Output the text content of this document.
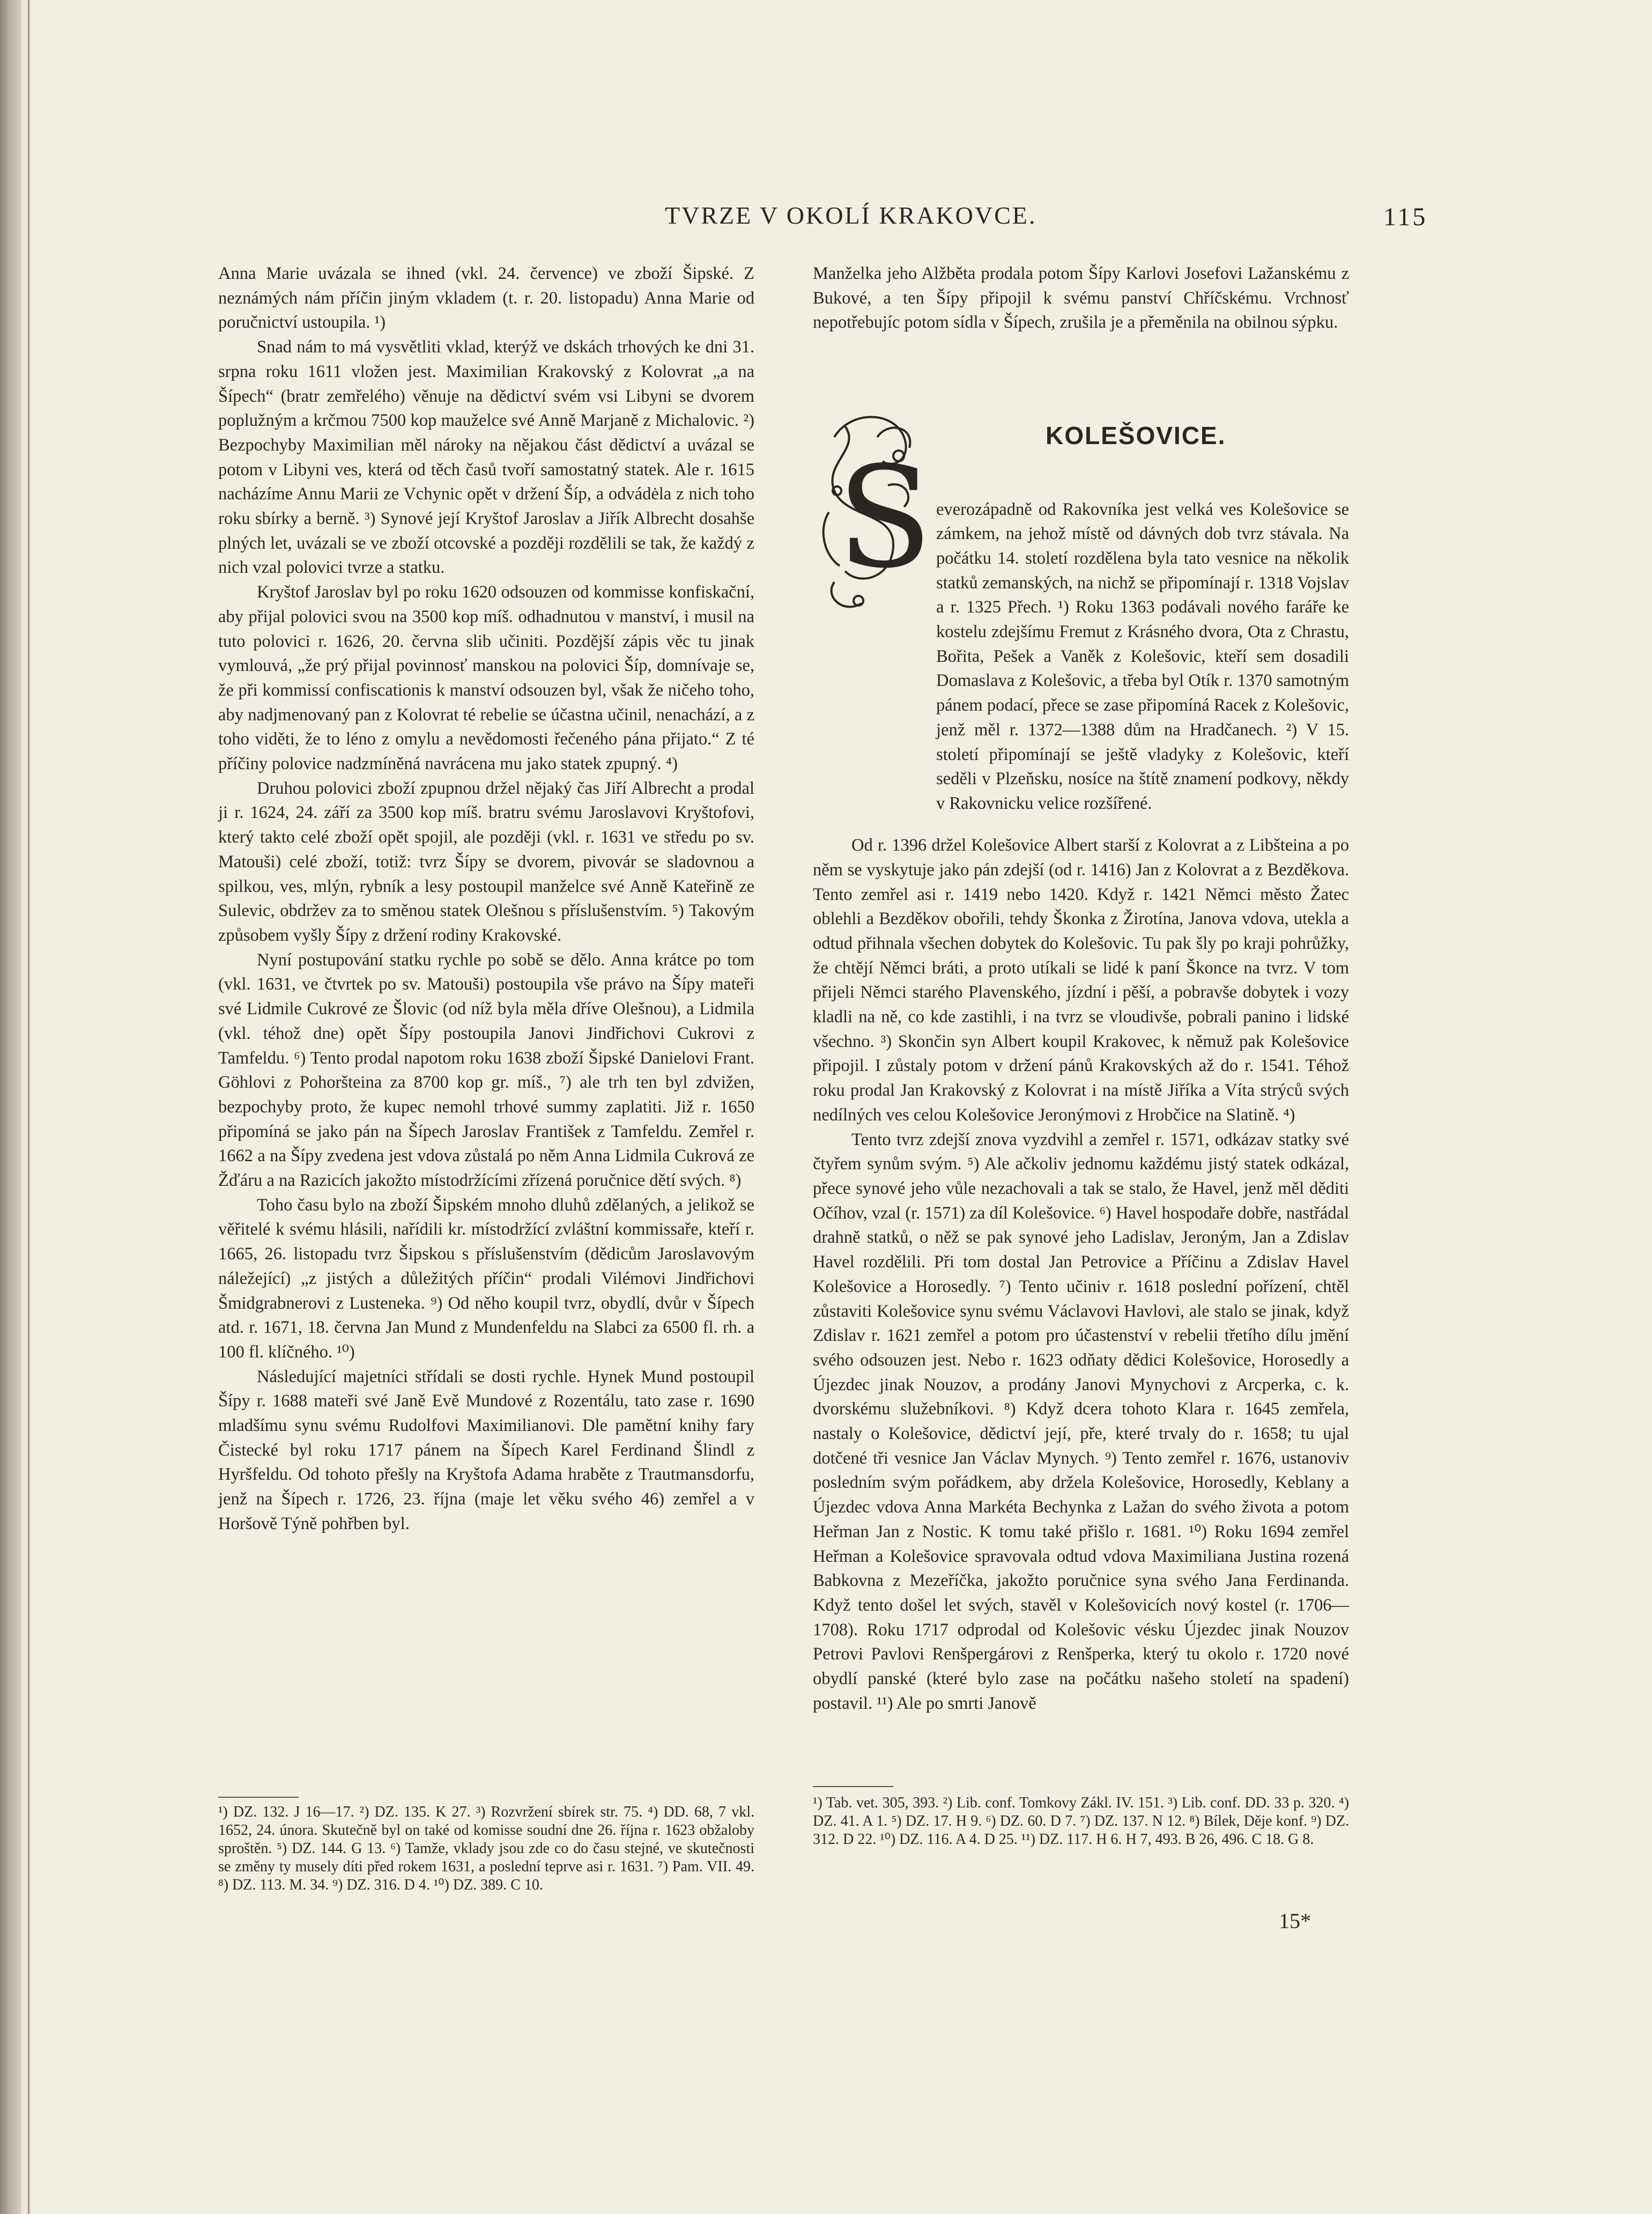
TVRZE V OKOLÍ KRAKOVCE.	115

Anna Marie uvázala se ihned (vkl. 24. července) ve zboží Šipské. Z neznámých nám příčin jiným vkladem (t. r. 20. listopadu) Anna Marie od poručnictví ustoupila. ¹)

Snad nám to má vysvětliti vklad, kterýž ve dskách trhových ke dni 31. srpna roku 1611 vložen jest. Maximilian Krakovský z Kolovrat „a na Šípech“ (bratr zemřelého) věnuje na dědictví svém vsi Libyni se dvorem poplužným a krčmou 7500 kop mauželce své Anně Marjaně z Michalovic. ²) Bezpochyby Maximilian měl nároky na nějakou část dědictví a uvázal se potom v Libyni ves, která od těch časů tvoří samostatný statek. Ale r. 1615 nacházíme Annu Marii ze Vchynic opět v držení Šíp, a odvádėla z nich toho roku sbírky a berně. ³) Synové její Kryštof Jaroslav a Jiřík Albrecht dosahše plných let, uvázali se ve zboží otcovské a později rozdělili se tak, že každý z nich vzal polovici tvrze a statku.

Kryštof Jaroslav byl po roku 1620 odsouzen od kommisse konfiskační, aby přijal polovici svou na 3500 kop míš. odhadnutou v manství, i musil na tuto polovici r. 1626, 20. června slib učiniti. Pozdější zápis věc tu jinak vymlouvá, „že prý přijal povinnosť manskou na polovici Šíp, domnívaje se, že při kommissí confiscationis k manství odsouzen byl, však že ničeho toho, aby nadjmenovaný pan z Kolovrat té rebelie se účastna učinil, nenachází, a z toho viděti, že to léno z omylu a nevědomosti řečeného pána přijato.“ Z té příčiny polovice nadzmíněná navrácena mu jako statek zpupný. ⁴)

Druhou polovici zboží zpupnou držel nějaký čas Jiří Albrecht a prodal ji r. 1624, 24. září za 3500 kop míš. bratru svému Jaroslavovi Kryštofovi, který takto celé zboží opět spojil, ale později (vkl. r. 1631 ve středu po sv. Matouši) celé zboží, totiž: tvrz Šípy se dvorem, pivovár se sladovnou a spilkou, ves, mlýn, rybník a lesy postoupil manželce své Anně Kateřině ze Sulevic, obdržev za to směnou statek Olešnou s příslušenstvím. ⁵) Takovým způsobem vyšly Šípy z držení rodiny Krakovské.

Nyní postupování statku rychle po sobě se dělo. Anna krátce po tom (vkl. 1631, ve čtvrtek po sv. Matouši) postoupila vše právo na Šípy mateři své Lidmile Cukrové ze Šlovic (od níž byla měla dříve Olešnou), a Lidmila (vkl. téhož dne) opět Šípy postoupila Janovi Jindřichovi Cukrovi z Tamfeldu. ⁶) Tento prodal napotom roku 1638 zboží Šipské Danielovi Frant. Göhlovi z Pohoršteina za 8700 kop gr. míš., ⁷) ale trh ten byl zdvižen, bezpochyby proto, že kupec nemohl trhové summy zaplatiti. Již r. 1650 připomíná se jako pán na Šípech Jaroslav František z Tamfeldu. Zemřel r. 1662 a na Šípy zvedena jest vdova zůstalá po něm Anna Lidmila Cukrová ze Žďáru a na Razicích jakožto místodržícími zřízená poručnice dětí svých. ⁸)

Toho času bylo na zboží Šipském mnoho dluhů zdělaných, a jelikož se věřitelé k svému hlásili, nařídili kr. místodržící zvláštní kommissaře, kteří r. 1665, 26. listopadu tvrz Šipskou s příslušenstvím (dědicům Jaroslavovým náležející) „z jistých a důležitých příčin“ prodali Vilémovi Jindřichovi Šmidgrabnerovi z Lusteneka. ⁹) Od něho koupil tvrz, obydlí, dvůr v Šípech atd. r. 1671, 18. června Jan Mund z Mundenfeldu na Slabci za 6500 fl. rh. a 100 fl. klíčného. ¹⁰)

Následující majetníci střídali se dosti rychle. Hynek Mund postoupil Šípy r. 1688 mateři své Janě Evě Mundové z Rozentálu, tato zase r. 1690 mladšímu synu svému Rudolfovi Maximilianovi. Dle pamětní knihy fary Čistecké byl roku 1717 pánem na Šípech Karel Ferdinand Šlindl z Hyršfeldu. Od tohoto přešly na Kryštofa Adama hraběte z Trautmansdorfu, jenž na Šípech r. 1726, 23. října (maje let věku svého 46) zemřel a v Horšově Týně pohřben byl.

¹) DZ. 132. J 16—17. ²) DZ. 135. K 27. ³) Rozvržení sbírek str. 75. ⁴) DD. 68, 7 vkl. 1652, 24. února. Skutečně byl on také od komisse soudní dne 26. října r. 1623 obžaloby sproštěn. ⁵) DZ. 144. G 13. ⁶) Tamže, vklady jsou zde co do času stejné, ve skutečnosti se změny ty musely díti před rokem 1631, a poslední teprve asi r. 1631. ⁷) Pam. VII. 49. ⁸) DZ. 113. M. 34. ⁹) DZ. 316. D 4. ¹⁰) DZ. 389. C 10.
Manželka jeho Alžběta prodala potom Šípy Karlovi Josefovi Lažanskému z Bukové, a ten Šípy připojil k svému panství Chříčskému. Vrchnosť nepotřebujíc potom sídla v Šípech, zrušila je a přeměnila na obilnou sýpku.
S
KOLEŠOVICE.

everozápadně od Rakovníka jest velká ves Kolešovice se zámkem, na jehož místě od dávných dob tvrz stávala. Na počátku 14. století rozdělena byla tato vesnice na několik statků zemanských, na nichž se připomínají r. 1318 Vojslav a r. 1325 Přech. ¹) Roku 1363 podávali nového faráře ke kostelu zdejšímu Fremut z Krásného dvora, Ota z Chrastu, Bořita, Pešek a Vaněk z Kolešovic, kteří sem dosadili Domaslava z Kolešovic, a třeba byl Otík r. 1370 samotným pánem podací, přece se zase připomíná Racek z Kolešovic, jenž měl r. 1372—1388 dům na Hradčanech. ²) V 15. století připomínají se ještě vladyky z Kolešovic, kteří seděli v Plzeňsku, nosíce na štítě znamení podkovy, někdy v Rakovnicku velice rozšířené.

Od r. 1396 držel Kolešovice Albert starší z Kolovrat a z Libšteina a po něm se vyskytuje jako pán zdejší (od r. 1416) Jan z Kolovrat a z Bezděkova. Tento zemřel asi r. 1419 nebo 1420. Když r. 1421 Němci město Žatec oblehli a Bezděkov obořili, tehdy Škonka z Žirotína, Janova vdova, utekla a odtud přihnala všechen dobytek do Kolešovic. Tu pak šly po kraji pohrůžky, že chtějí Němci bráti, a proto utíkali se lidé k paní Škonce na tvrz. V tom přijeli Němci starého Plavenského, jízdní i pěší, a pobravše dobytek i vozy kladli na ně, co kde zastihli, i na tvrz se vloudivše, pobrali panino i lidské všechno. ³) Skončin syn Albert koupil Krakovec, k němuž pak Kolešovice připojil. I zůstaly potom v držení pánů Krakovských až do r. 1541. Téhož roku prodal Jan Krakovský z Kolovrat i na místě Jiříka a Víta strýců svých nedílných ves celou Kolešovice Jeronýmovi z Hrobčice na Slatině. ⁴)

Tento tvrz zdejší znova vyzdvihl a zemřel r. 1571, odkázav statky své čtyřem synům svým. ⁵) Ale ačkoliv jednomu každému jistý statek odkázal, přece synové jeho vůle nezachovali a tak se stalo, že Havel, jenž měl děditi Očíhov, vzal (r. 1571) za díl Kolešovice. ⁶) Havel hospodaře dobře, nastřádal drahně statků, o něž se pak synové jeho Ladislav, Jeroným, Jan a Zdislav Havel rozdělili. Při tom dostal Jan Petrovice a Příčinu a Zdislav Havel Kolešovice a Horosedly. ⁷) Tento učiniv r. 1618 poslední pořízení, chtěl zůstaviti Kolešovice synu svému Václavovi Havlovi, ale stalo se jinak, když Zdislav r. 1621 zemřel a potom pro účastenství v rebelii třetího dílu jmění svého odsouzen jest. Nebo r. 1623 odňaty dědici Kolešovice, Horosedly a Újezdec jinak Nouzov, a prodány Janovi Mynychovi z Arcperka, c. k. dvorskému služebníkovi. ⁸) Když dcera tohoto Klara r. 1645 zemřela, nastaly o Kolešovice, dědictví její, pře, které trvaly do r. 1658; tu ujal dotčené tři vesnice Jan Václav Mynych. ⁹) Tento zemřel r. 1676, ustanoviv posledním svým pořádkem, aby držela Kolešovice, Horosedly, Keblany a Újezdec vdova Anna Markéta Bechynka z Lažan do svého života a potom Heřman Jan z Nostic. K tomu také přišlo r. 1681. ¹⁰) Roku 1694 zemřel Heřman a Kolešovice spravovala odtud vdova Maximiliana Justina rozená Babkovna z Mezeříčka, jakožto poručnice syna svého Jana Ferdinanda. Když tento došel let svých, stavěl v Kolešovicích nový kostel (r. 1706—1708). Roku 1717 odprodal od Kolešovic vésku Újezdec jinak Nouzov Petrovi Pavlovi Renšpergárovi z Renšperka, který tu okolo r. 1720 nové obydlí panské (které bylo zase na počátku našeho století na spadení) postavil. ¹¹) Ale po smrti Janově

¹) Tab. vet. 305, 393. ²) Lib. conf. Tomkovy Zákl. IV. 151. ³) Lib. conf. DD. 33 p. 320. ⁴) DZ. 41. A 1. ⁵) DZ. 17. H 9. ⁶) DZ. 60. D 7. ⁷) DZ. 137. N 12. ⁸) Bílek, Děje konf. ⁹) DZ. 312. D 22. ¹⁰) DZ. 116. A 4. D 25. ¹¹) DZ. 117. H 6. H 7, 493. B 26, 496. C 18. G 8.
15*
